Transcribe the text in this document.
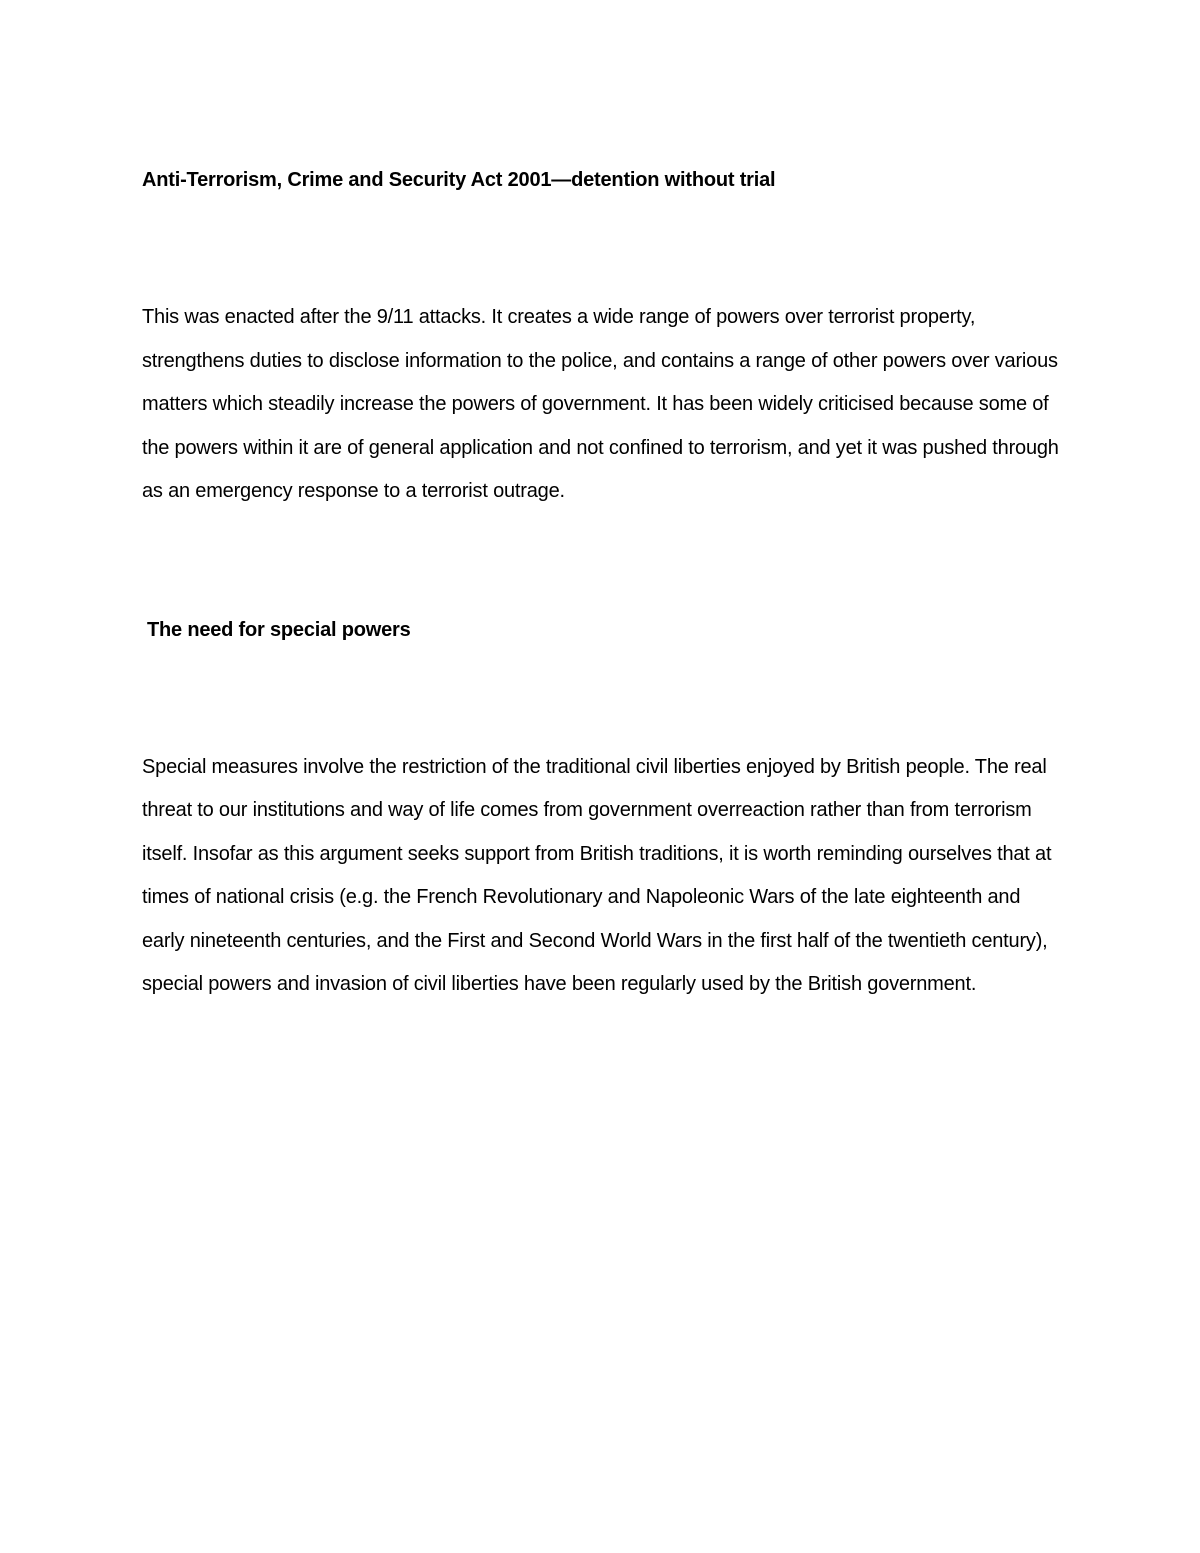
Anti-Terrorism, Crime and Security Act 2001—detention without trial

This was enacted after the 9/11 attacks. It creates a wide range of powers over terrorist property, strengthens duties to disclose information to the police, and contains a range of other powers over various matters which steadily increase the powers of government. It has been widely criticised because some of the powers within it are of general application and not confined to terrorism, and yet it was pushed through as an emergency response to a terrorist outrage.

The need for special powers

Special measures involve the restriction of the traditional civil liberties enjoyed by British people. The real threat to our institutions and way of life comes from government overreaction rather than from terrorism itself. Insofar as this argument seeks support from British traditions, it is worth reminding ourselves that at times of national crisis (e.g. the French Revolutionary and Napoleonic Wars of the late eighteenth and early nineteenth centuries, and the First and Second World Wars in the first half of the twentieth century), special powers and invasion of civil liberties have been regularly used by the British government.
